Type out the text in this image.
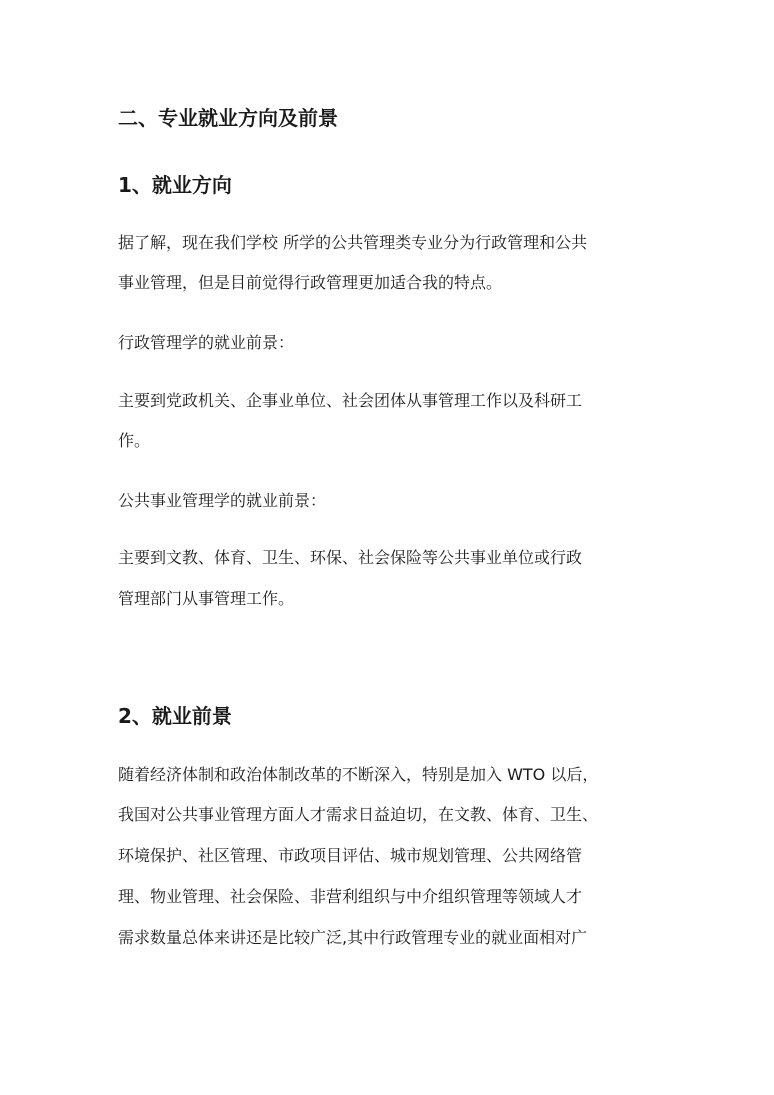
二、专业就业方向及前景
1、就业方向

据了解，现在我们学校 所学的公共管理类专业分为行政管理和公共

事业管理，但是目前觉得行政管理更加适合我的特点。

行政管理学的就业前景：

主要到党政机关、企事业单位、社会团体从事管理工作以及科研工

作。

公共事业管理学的就业前景：

主要到文教、体育、卫生、环保、社会保险等公共事业单位或行政

管理部门从事管理工作。

2、就业前景

随着经济体制和政治体制改革的不断深入，特别是加入 WTO 以后，

我国对公共事业管理方面人才需求日益迫切，在文教、体育、卫生、

环境保护、社区管理、市政项目评估、城市规划管理、公共网络管

理、物业管理、社会保险、非营利组织与中介组织管理等领域人才

需求数量总体来讲还是比较广泛,其中行政管理专业的就业面相对广
